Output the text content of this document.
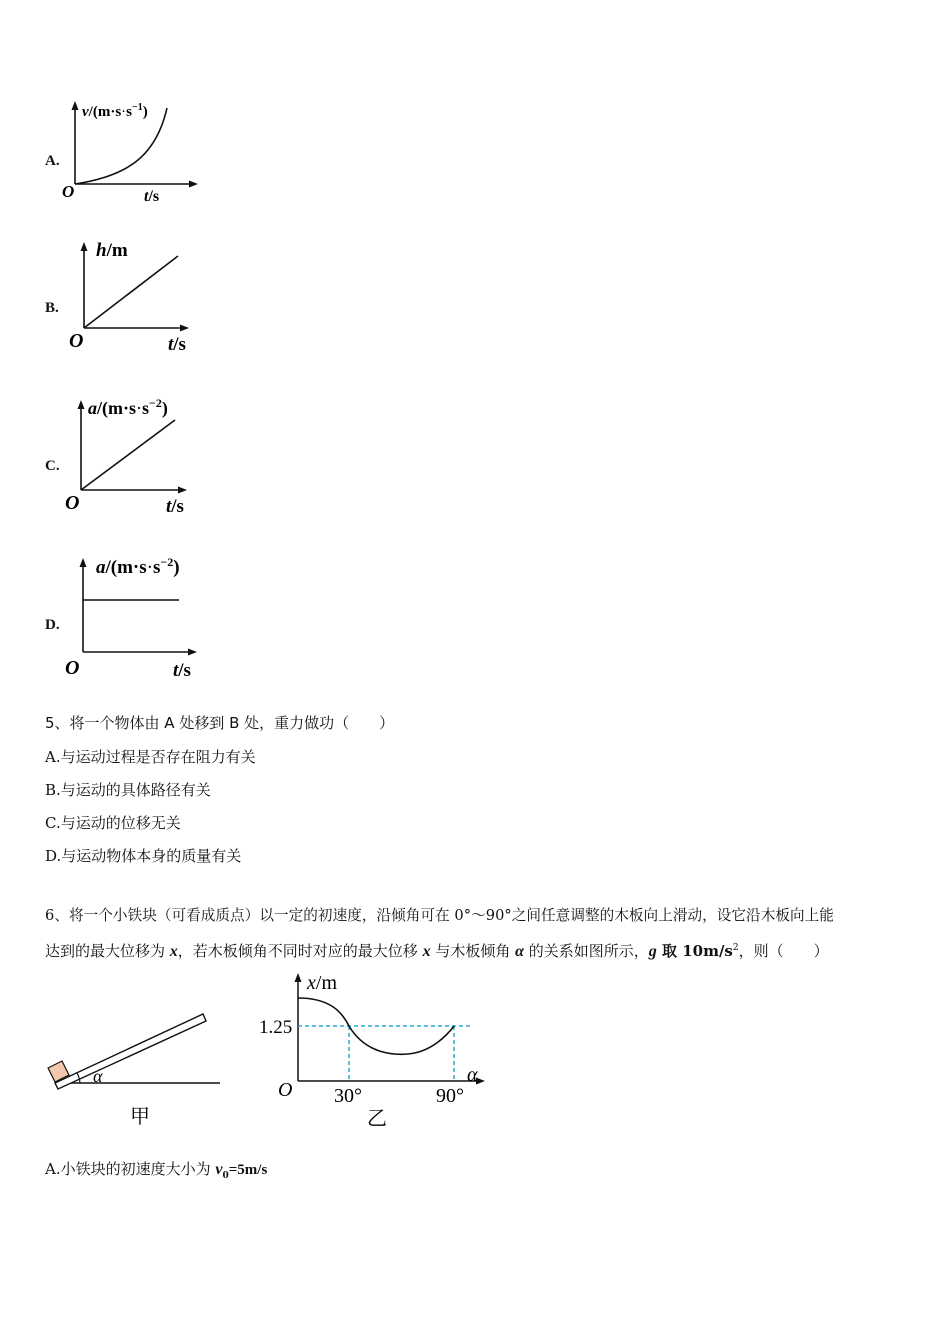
A.
$v/(m\cdot s\cdot s^{-1})$
O	t/s
B.
h/m
O	t/s
C.
$a/(m\cdot s\cdot s^{-2})$
O	t/s
D.
$a/(m\cdot s\cdot s^{-2})$
O	t/s
5、将一个物体由 A 处移到 B 处，重力做功（　　）
A.与运动过程是否存在阻力有关
B.与运动的具体路径有关
C.与运动的位移无关
D.与运动物体本身的质量有关
6、将一个小铁块（可看成质点）以一定的初速度，沿倾角可在 0°～90°之间任意调整的木板向上滑动，设它沿木板向上能
达到的最大位移为 x，若木板倾角不同时对应的最大位移 x 与木板倾角 α 的关系如图所示，g 取 $10m/s^2$，则（　　）
α
甲
x/m
1.25
O 30°	90°
α
乙
A.小铁块的初速度大小为 $v_0=5m/s$
